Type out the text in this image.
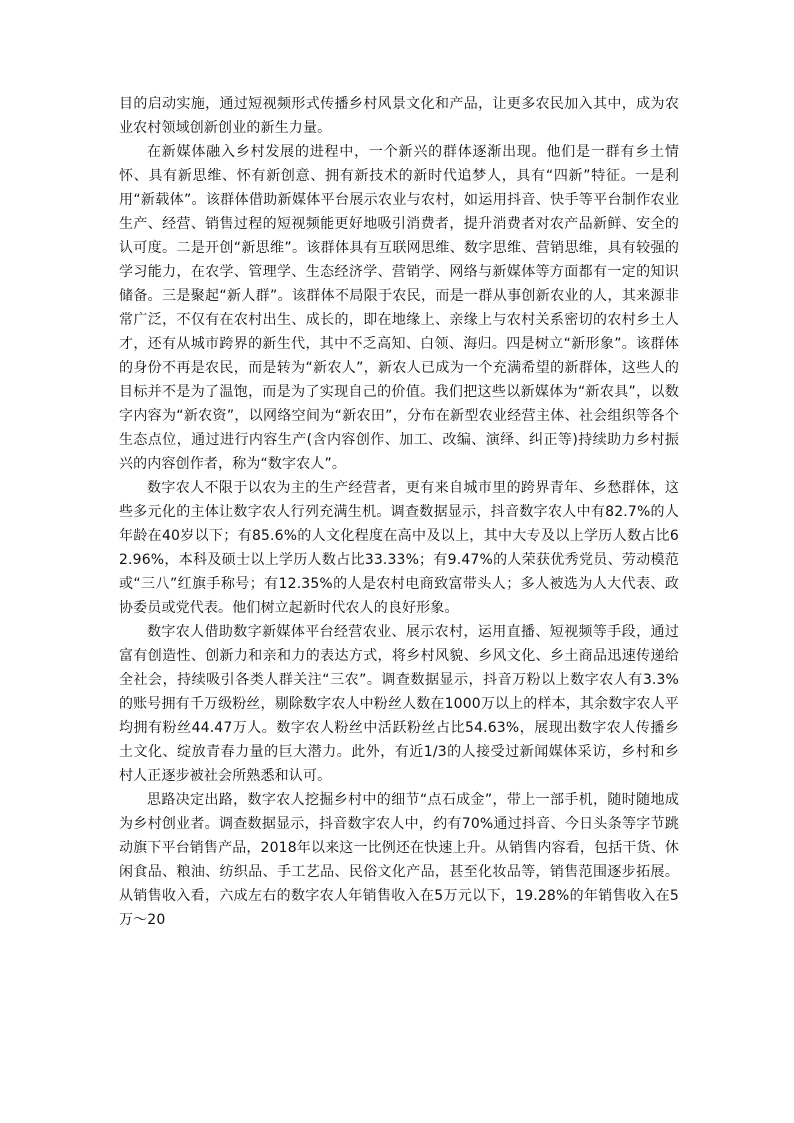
目的启动实施，通过短视频形式传播乡村风景文化和产品，让更多农民加入其中，成为农业农村领域创新创业的新生力量。

在新媒体融入乡村发展的进程中，一个新兴的群体逐渐出现。他们是一群有乡土情怀、具有新思维、怀有新创意、拥有新技术的新时代追梦人，具有“四新”特征。一是利用“新载体”。该群体借助新媒体平台展示农业与农村，如运用抖音、快手等平台制作农业生产、经营、销售过程的短视频能更好地吸引消费者，提升消费者对农产品新鲜、安全的认可度。二是开创“新思维”。该群体具有互联网思维、数字思维、营销思维，具有较强的学习能力，在农学、管理学、生态经济学、营销学、网络与新媒体等方面都有一定的知识储备。三是聚起“新人群”。该群体不局限于农民，而是一群从事创新农业的人，其来源非常广泛，不仅有在农村出生、成长的，即在地缘上、亲缘上与农村关系密切的农村乡土人才，还有从城市跨界的新生代，其中不乏高知、白领、海归。四是树立“新形象”。该群体的身份不再是农民，而是转为“新农人”，新农人已成为一个充满希望的新群体，这些人的目标并不是为了温饱，而是为了实现自己的价值。我们把这些以新媒体为“新农具”，以数字内容为“新农资”，以网络空间为“新农田”，分布在新型农业经营主体、社会组织等各个生态点位，通过进行内容生产(含内容创作、加工、改编、演绎、纠正等)持续助力乡村振兴的内容创作者，称为“数字农人”。

数字农人不限于以农为主的生产经营者，更有来自城市里的跨界青年、乡愁群体，这些多元化的主体让数字农人行列充满生机。调查数据显示，抖音数字农人中有82.7%的人年龄在40岁以下；有85.6%的人文化程度在高中及以上，其中大专及以上学历人数占比62.96%，本科及硕士以上学历人数占比33.33%；有9.47%的人荣获优秀党员、劳动模范或“三八”红旗手称号；有12.35%的人是农村电商致富带头人；多人被选为人大代表、政协委员或党代表。他们树立起新时代农人的良好形象。

数字农人借助数字新媒体平台经营农业、展示农村，运用直播、短视频等手段，通过富有创造性、创新力和亲和力的表达方式，将乡村风貌、乡风文化、乡土商品迅速传递给全社会，持续吸引各类人群关注“三农”。调查数据显示，抖音万粉以上数字农人有3.3%的账号拥有千万级粉丝，剔除数字农人中粉丝人数在1000万以上的样本，其余数字农人平均拥有粉丝44.47万人。数字农人粉丝中活跃粉丝占比54.63%，展现出数字农人传播乡土文化、绽放青春力量的巨大潜力。此外，有近1/3的人接受过新闻媒体采访，乡村和乡村人正逐步被社会所熟悉和认可。

思路决定出路，数字农人挖掘乡村中的细节“点石成金”，带上一部手机，随时随地成为乡村创业者。调查数据显示，抖音数字农人中，约有70%通过抖音、今日头条等字节跳动旗下平台销售产品，2018年以来这一比例还在快速上升。从销售内容看，包括干货、休闲食品、粮油、纺织品、手工艺品、民俗文化产品，甚至化妆品等，销售范围逐步拓展。从销售收入看，六成左右的数字农人年销售收入在5万元以下，19.28%的年销售收入在5万～20
